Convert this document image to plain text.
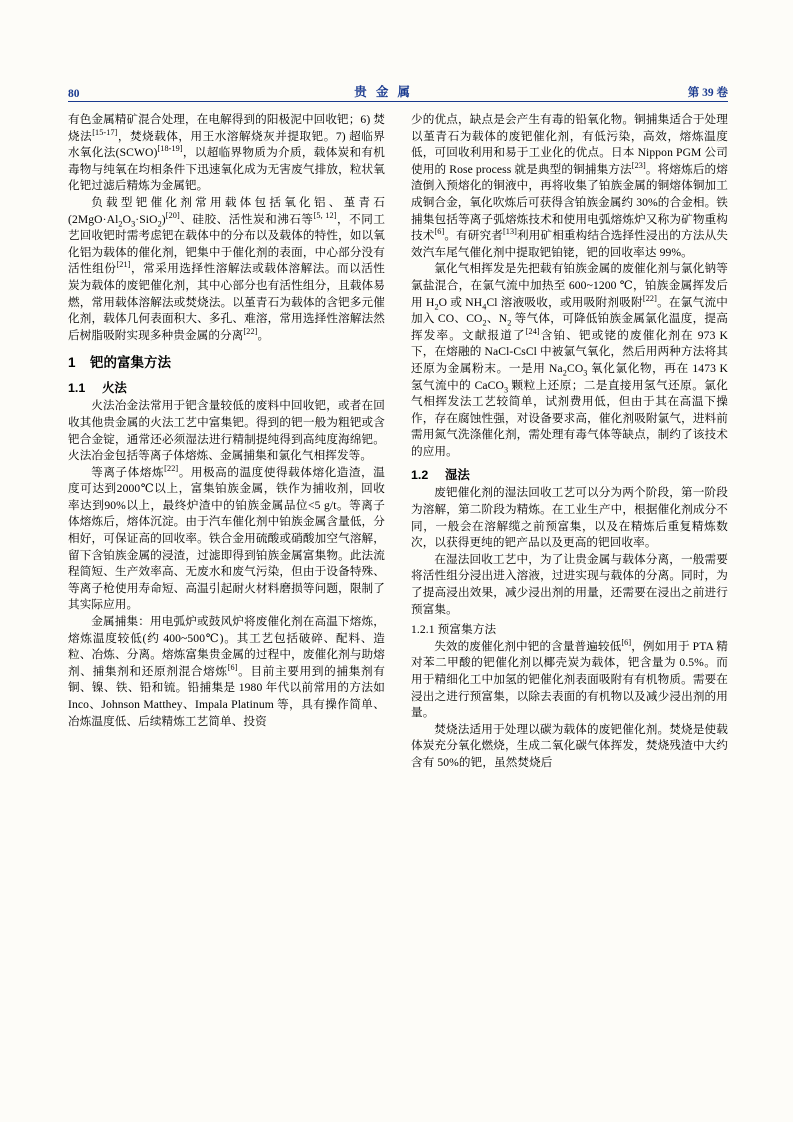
80	贵 金 属	第 39 卷

有色金属精矿混合处理，在电解得到的阳极泥中回收钯；6) 焚烧法[15-17]，焚烧载体，用王水溶解烧灰并提取钯。7) 超临界水氧化法(SCWO)[18-19]，以超临界物质为介质，载体炭和有机毒物与纯氧在均相条件下迅速氧化成为无害废气排放，粒状氧化钯过滤后精炼为金属钯。

负载型钯催化剂常用载体包括氧化铝、堇青石$(2MgO\cdot Al_2O_3\cdot SiO_2)[20]$、硅胶、活性炭和沸石等[5, 12]，不同工艺回收钯时需考虑钯在载体中的分布以及载体的特性，如以氧化铝为载体的催化剂，钯集中于催化剂的表面，中心部分没有活性组份[21]，常采用选择性溶解法或载体溶解法。而以活性炭为载体的废钯催化剂，其中心部分也有活性组分，且载体易燃，常用载体溶解法或焚烧法。以堇青石为载体的含钯多元催化剂，载体几何表面积大、多孔、难溶，常用选择性溶解法然后树脂吸附实现多种贵金属的分离[22]。

1 钯的富集方法
1.1 火法

火法冶金法常用于钯含量较低的废料中回收钯，或者在回收其他贵金属的火法工艺中富集钯。得到的钯一般为粗钯或含钯合金锭，通常还必须湿法进行精制提纯得到高纯度海绵钯。火法冶金包括等离子体熔炼、金属捕集和氯化气相挥发等。

等离子体熔炼[22]。用极高的温度使得载体熔化造渣，温度可达到2000℃以上，富集铂族金属，铁作为捕收剂，回收率达到90%以上，最终炉渣中的铂族金属品位<5 g/t。等离子体熔炼后，熔体沉淀。由于汽车催化剂中铂族金属含量低，分相好，可保证高的回收率。铁合金用硫酸或硝酸加空气溶解，留下含铂族金属的浸渣，过滤即得到铂族金属富集物。此法流程简短、生产效率高、无废水和废气污染，但由于设备特殊、等离子枪使用寿命短、高温引起耐火材料磨损等问题，限制了其实际应用。

金属捕集：用电弧炉或鼓风炉将废催化剂在高温下熔炼，熔炼温度较低(约 400~500℃)。其工艺包括破碎、配料、造粒、冶炼、分离。熔炼富集贵金属的过程中，废催化剂与助熔剂、捕集剂和还原剂混合熔炼[6]。目前主要用到的捕集剂有铜、镍、铁、铅和锍。铅捕集是 1980 年代以前常用的方法如 Inco、Johnson Matthey、Impala Platinum 等，具有操作简单、冶炼温度低、后续精炼工艺简单、投资

少的优点，缺点是会产生有毒的铅氧化物。铜捕集适合于处理以堇青石为载体的废钯催化剂，有低污染，高效，熔炼温度低，可回收利用和易于工业化的优点。日本 Nippon PGM 公司使用的 Rose process 就是典型的铜捕集方法[23]。将熔炼后的熔渣倒入预熔化的铜液中，再将收集了铂族金属的铜熔体铜加工成铜合金，氧化吹炼后可获得含铂族金属约 30%的合金相。铁捕集包括等离子弧熔炼技术和使用电弧熔炼炉又称为矿物重构技术[6]。有研究者[13]利用矿相重构结合选择性浸出的方法从失效汽车尾气催化剂中提取钯铂铑，钯的回收率达 99%。

氯化气相挥发是先把载有铂族金属的废催化剂与氯化钠等氯盐混合，在氯气流中加热至 600~1200 ℃，铂族金属挥发后用 $H_2O$ 或 $NH_4Cl$ 溶液吸收，或用吸附剂吸附[22]。在氯气流中加入 CO、$CO_2$、$N_2$ 等气体，可降低铂族金属氯化温度，提高挥发率。文献报道了[24]含铂、钯或铑的废催化剂在 973 K 下，在熔融的 NaCl-CsCl 中被氯气氧化，然后用两种方法将其还原为金属粉末。一是用 $Na_2CO_3$ 氧化氯化物，再在 1473 K 氢气流中的 CaCO$_3$ 颗粒上还原；二是直接用氢气还原。氯化气相挥发法工艺较简单，试剂费用低，但由于其在高温下操作，存在腐蚀性强，对设备要求高，催化剂吸附氯气，进料前需用氮气洗涤催化剂，需处理有毒气体等缺点，制约了该技术的应用。

1.2 湿法

废钯催化剂的湿法回收工艺可以分为两个阶段，第一阶段为溶解，第二阶段为精炼。在工业生产中，根据催化剂成分不同，一般会在溶解缆之前预富集，以及在精炼后重复精炼数次，以获得更纯的钯产品以及更高的钯回收率。

在湿法回收工艺中，为了让贵金属与载体分离，一般需要将活性组分浸出进入溶液，过进实现与载体的分离。同时，为了提高浸出效果，减少浸出剂的用量，还需要在浸出之前进行预富集。

1.2.1 预富集方法

失效的废催化剂中钯的含量普遍较低[6]，例如用于 PTA 精对苯二甲酸的钯催化剂以椰壳炭为载体，钯含量为 0.5%。而用于精细化工中加氢的钯催化剂表面吸附有有机物质。需要在浸出之进行预富集，以除去表面的有机物以及减少浸出剂的用量。

焚烧法适用于处理以碳为载体的废钯催化剂。焚烧是使载体炭充分氧化燃烧，生成二氧化碳气体挥发，焚烧残渣中大约含有 50%的钯，虽然焚烧后
